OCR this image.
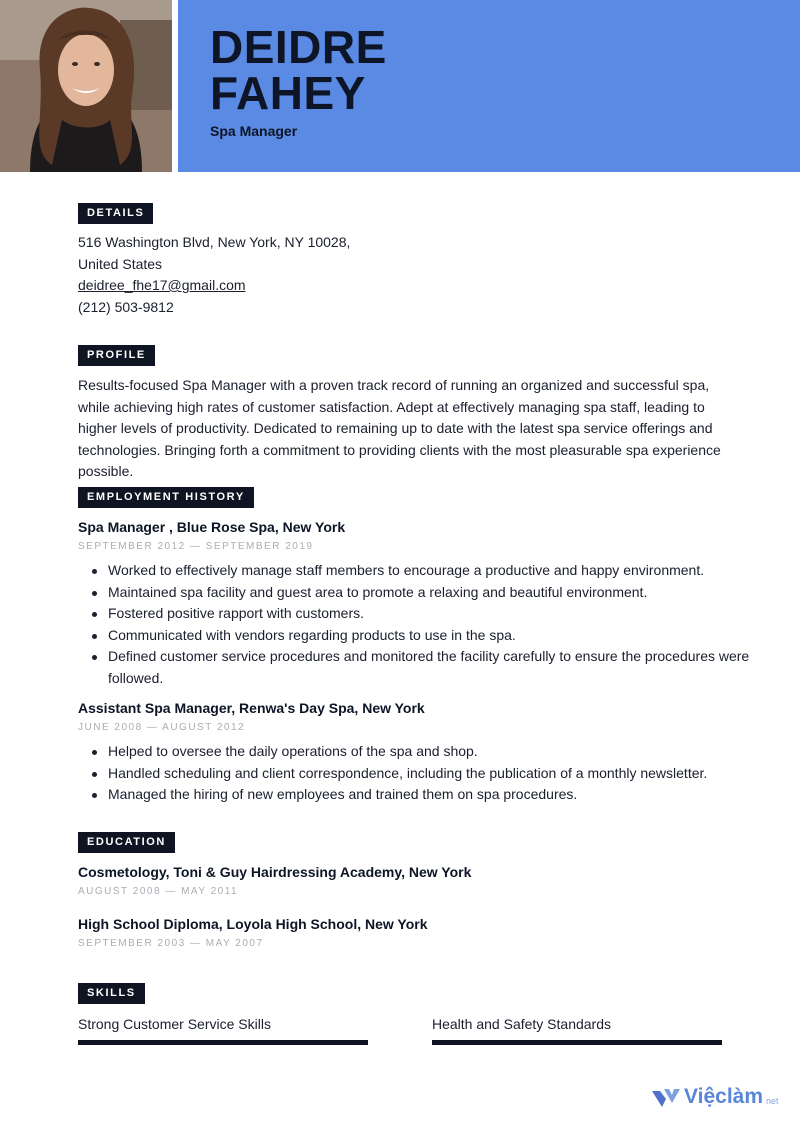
DEIDRE
FAHEY
Spa Manager
DETAILS
516 Washington Blvd, New York, NY 10028,
United States
deidree_fhe17@gmail.com
(212) 503-9812
PROFILE

Results-focused Spa Manager with a proven track record of running an organized and successful spa, while achieving high rates of customer satisfaction. Adept at effectively managing spa staff, leading to higher levels of productivity. Dedicated to remaining up to date with the latest spa service offerings and technologies. Bringing forth a commitment to providing clients with the most pleasurable spa experience possible.

EMPLOYMENT HISTORY
Spa Manager , Blue Rose Spa, New York
SEPTEMBER 2012 — SEPTEMBER 2019
Worked to effectively manage staff members to encourage a productive and happy environment.
Maintained spa facility and guest area to promote a relaxing and beautiful environment.
Fostered positive rapport with customers.
Communicated with vendors regarding products to use in the spa.
Defined customer service procedures and monitored the facility carefully to ensure the procedures were followed.
Assistant Spa Manager, Renwa's Day Spa, New York
JUNE 2008 — AUGUST 2012
Helped to oversee the daily operations of the spa and shop.
Handled scheduling and client correspondence, including the publication of a monthly newsletter.
Managed the hiring of new employees and trained them on spa procedures.
EDUCATION
Cosmetology, Toni & Guy Hairdressing Academy, New York
AUGUST 2008 — MAY 2011
High School Diploma, Loyola High School, New York
SEPTEMBER 2003 — MAY 2007
SKILLS
Strong Customer Service Skills	Health and Safety Standards
Việclàm net
